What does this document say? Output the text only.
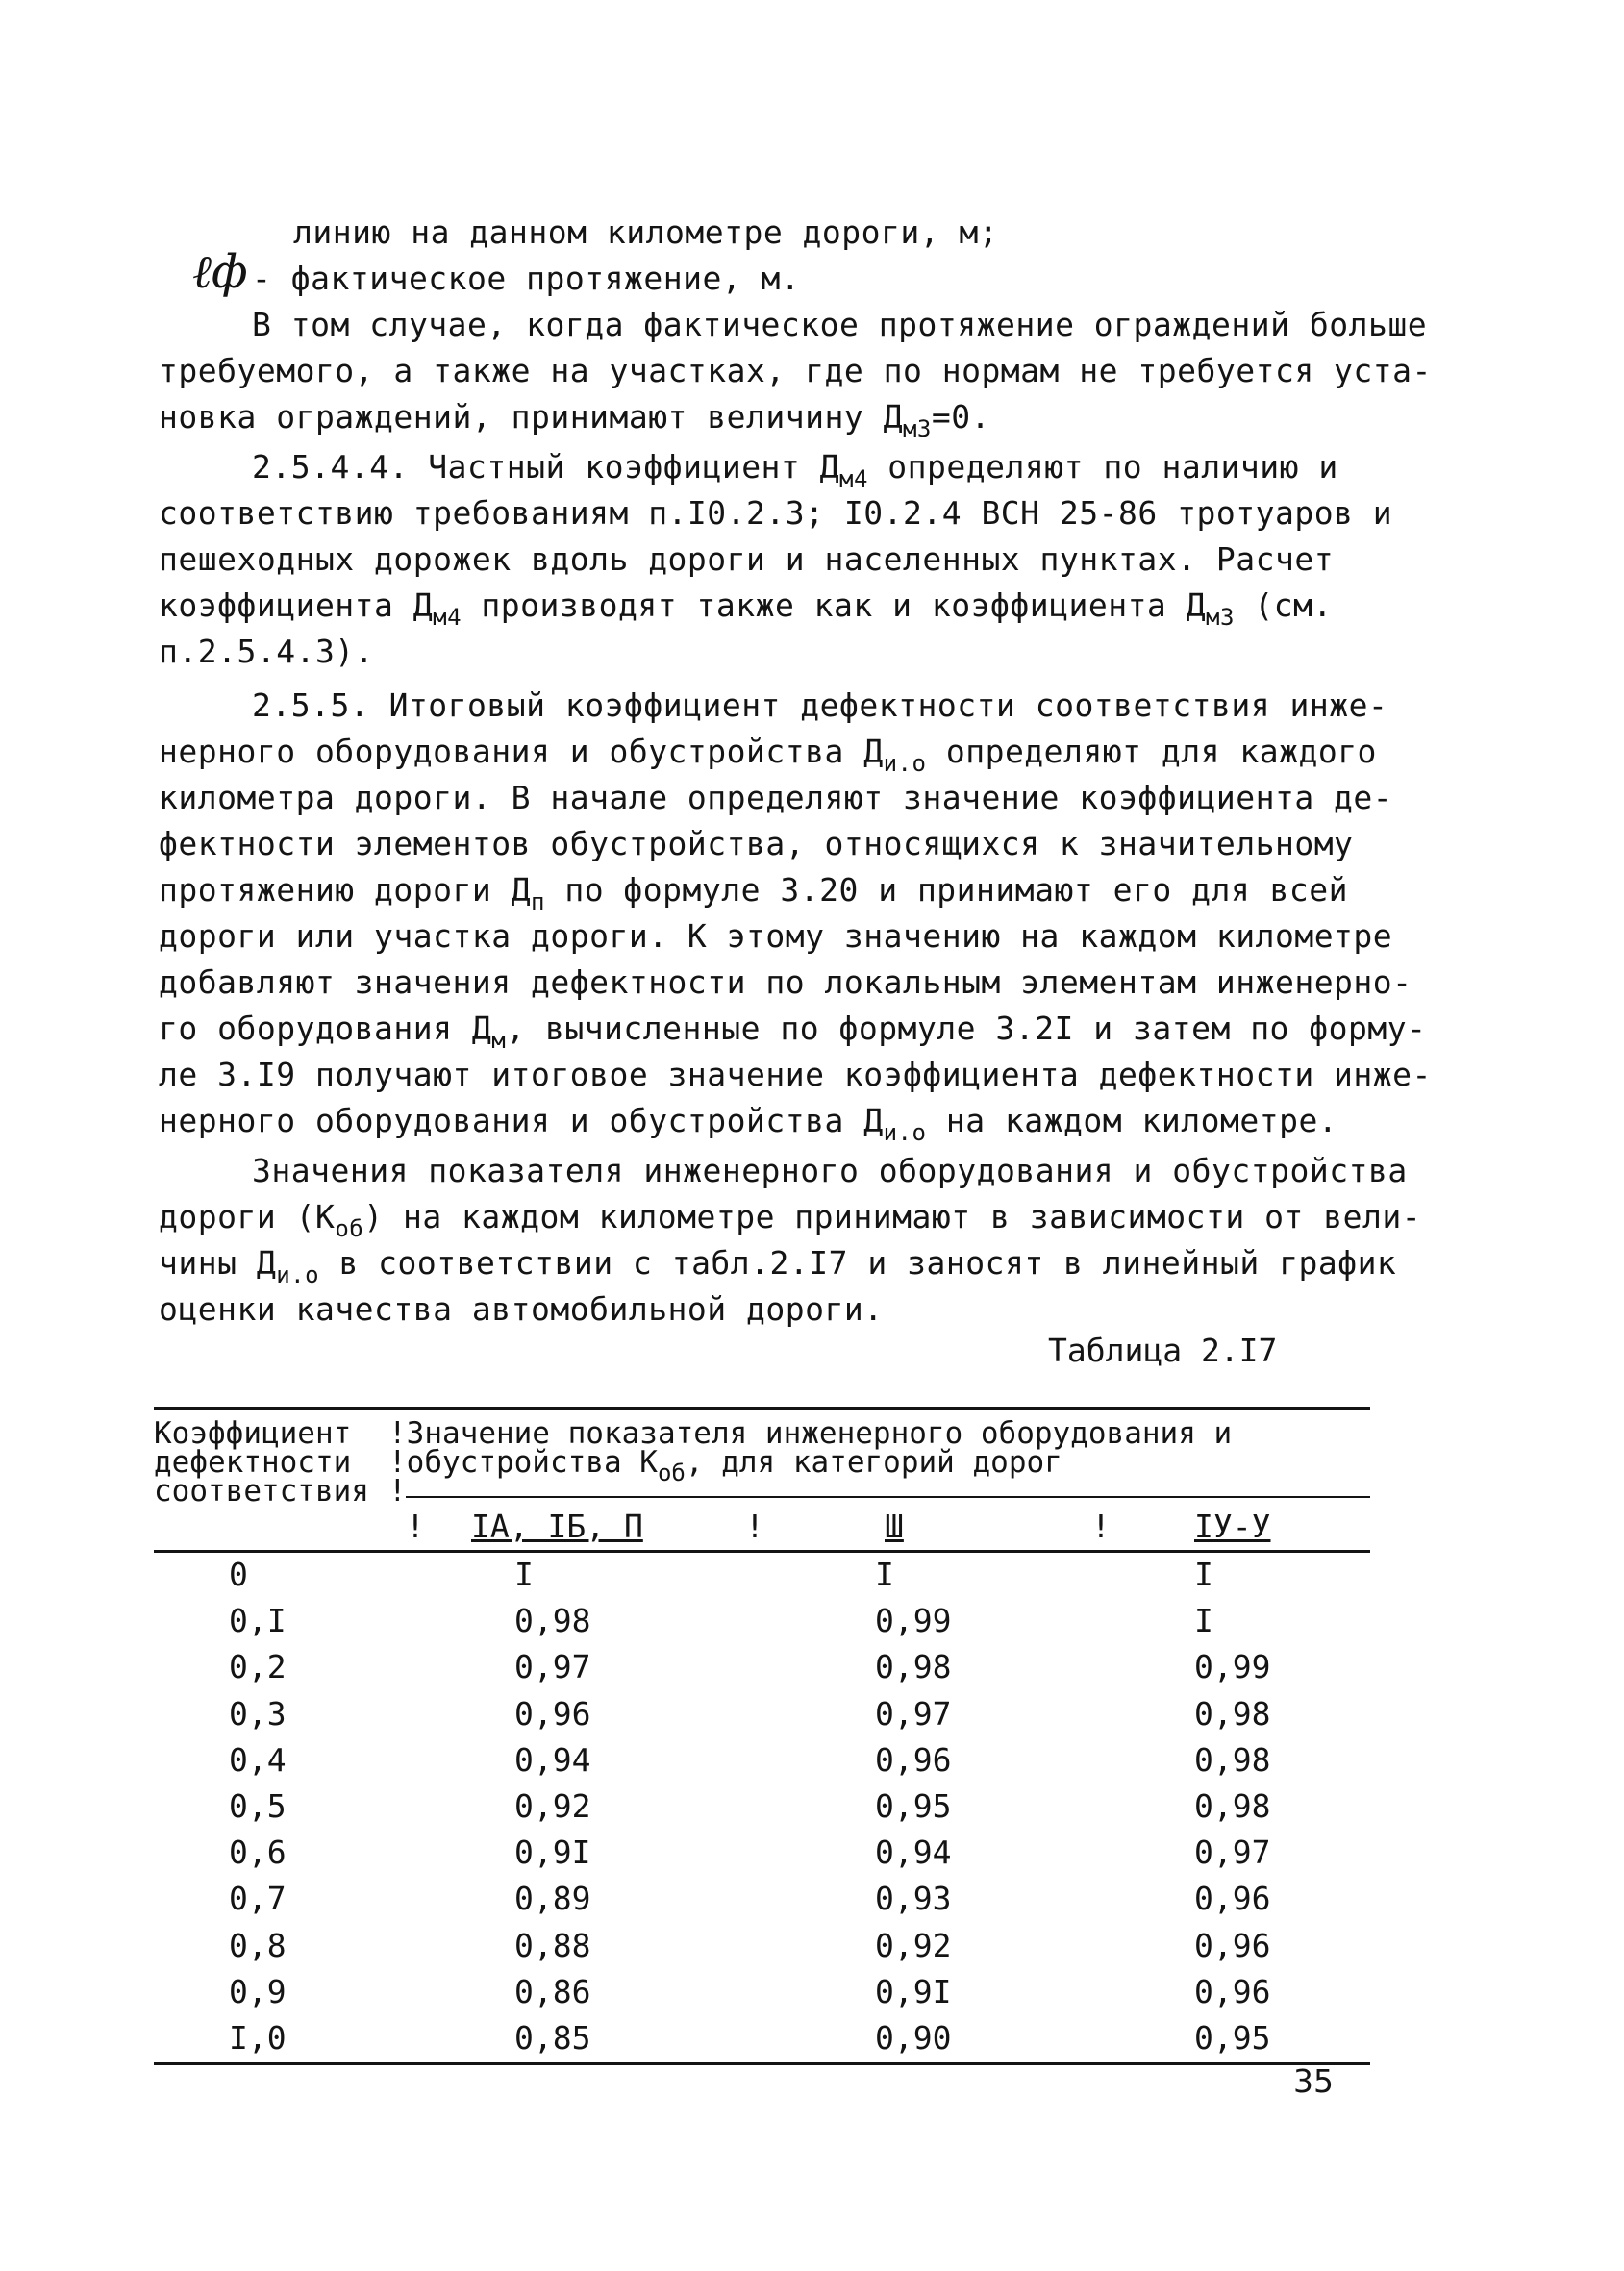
линию на данном километре дороги, м;
ℓф - фактическое протяжение, м.
В том случае, когда фактическое протяжение ограждений больше
требуемого, а также на участках, где по нормам не требуется уста-
новка ограждений, принимают величину $Д_{м3}=0$.
2.5.4.4. Частный коэффициент $Д_{м4}$ определяют по наличию и
соответствию требованиям п.I0.2.3; I0.2.4 ВСН 25-86 тротуаров и
пешеходных дорожек вдоль дороги и населенных пунктах. Расчет
коэффициента $Д_{м4}$ производят также как и коэффициента $Д_{м3}$ (см.
п.2.5.4.3).
2.5.5. Итоговый коэффициент дефектности соответствия инже-
нерного оборудования и обустройства $Д_{и.о}$ определяют для каждого
километра дороги. В начале определяют значение коэффициента де-
фектности элементов обустройства, относящихся к значительному
протяжению дороги $Д_п$ по формуле 3.20 и принимают его для всей
дороги или участка дороги. К этому значению на каждом километре
добавляют значения дефектности по локальным элементам инженерно-
го оборудования $Д_м$, вычисленные по формуле 3.2I и затем по форму-
ле 3.I9 получают итоговое значение коэффициента дефектности инже-
нерного оборудования и обустройства $Д_{и.о}$ на каждом километре.
Значения показателя инженерного оборудования и обустройства
дороги $(К_{об})$ на каждом километре принимают в зависимости от вели-
чины $Д_{и.о}$ в соответствии с табл.2.I7 и заносят в линейный график
оценки качества автомобильной дороги.
Таблица 2.I7
Коэффициент
дефектности
соответствия
!Значение показателя инженерного оборудования и
!обустройства $К_{об}$, для категорий дорог
!
! IA, IБ, П	!	Ш	!	IУ-У
0	I	I	I
0,I	0,98	0,99	I
0,2	0,97	0,98	0,99
0,3	0,96	0,97	0,98
0,4	0,94	0,96	0,98
0,5	0,92	0,95	0,98
0,6	0,9I	0,94	0,97
0,7	0,89	0,93	0,96
0,8	0,88	0,92	0,96
0,9	0,86	0,9I	0,96
I,0	0,85	0,90	0,95
35
